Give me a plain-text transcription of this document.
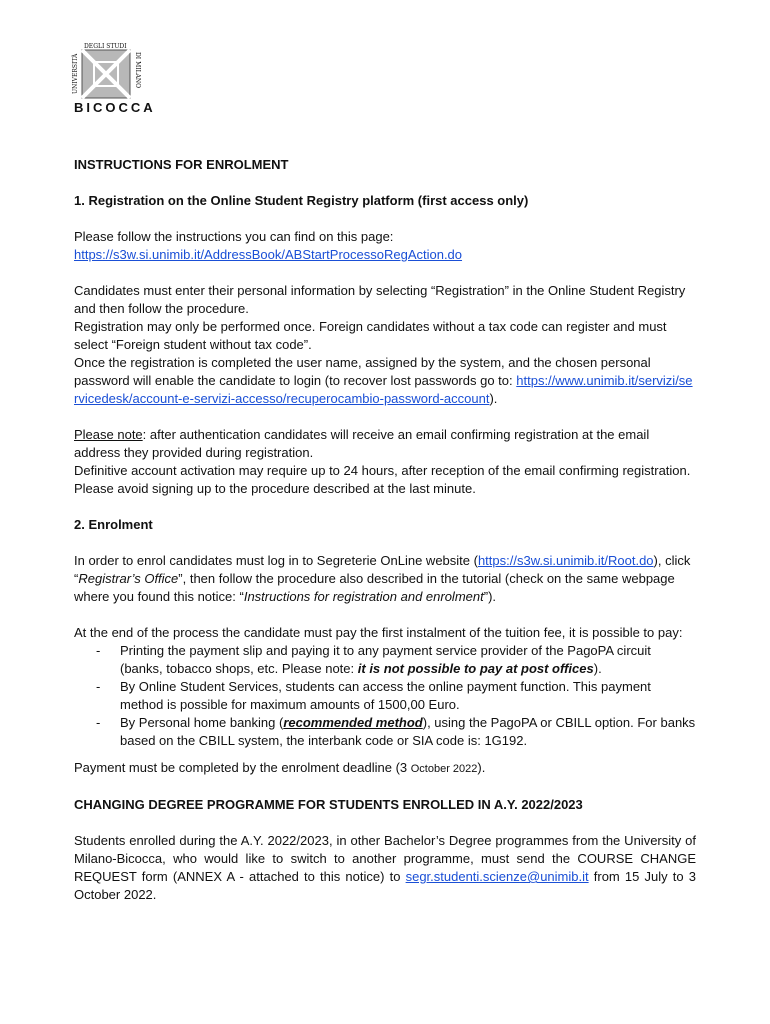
UNIVERSITÀ
DEGLI STUDI
DI MILANO
BICOCCA

INSTRUCTIONS FOR ENROLMENT

1. Registration on the Online Student Registry platform (first access only)

Please follow the instructions you can find on this page:

https://s3w.si.unimib.it/AddressBook/ABStartProcessoRegAction.do

Candidates must enter their personal information by selecting “Registration” in the Online Student Registry and then follow the procedure.

Registration may only be performed once. Foreign candidates without a tax code can register and must select “Foreign student without tax code”.

Once the registration is completed the user name, assigned by the system, and the chosen personal password will enable the candidate to login (to recover lost passwords go to: https://www.unimib.it/servizi/servicedesk/account-e-servizi-accesso/recuperocambio-password-account).

Please note: after authentication candidates will receive an email confirming registration at the email address they provided during registration.

Definitive account activation may require up to 24 hours, after reception of the email confirming registration. Please avoid signing up to the procedure described at the last minute.

2. Enrolment

In order to enrol candidates must log in to Segreterie OnLine website (https://s3w.si.unimib.it/Root.do), click “Registrar’s Office”, then follow the procedure also described in the tutorial (check on the same webpage where you found this notice: “Instructions for registration and enrolment”).

At the end of the process the candidate must pay the first instalment of the tuition fee, it is possible to pay:

- Printing the payment slip and paying it to any payment service provider of the PagoPA circuit (banks, tobacco shops, etc. Please note: it is not possible to pay at post offices).
- By Online Student Services, students can access the online payment function. This payment method is possible for maximum amounts of 1500,00 Euro.
- By Personal home banking (recommended method), using the PagoPA or CBILL option. For banks based on the CBILL system, the interbank code or SIA code is: 1G192.

Payment must be completed by the enrolment deadline (3 October 2022).

CHANGING DEGREE PROGRAMME FOR STUDENTS ENROLLED IN A.Y. 2022/2023

Students enrolled during the A.Y. 2022/2023, in other Bachelor’s Degree programmes from the University of Milano-Bicocca, who would like to switch to another programme, must send the COURSE CHANGE REQUEST form (ANNEX A - attached to this notice) to segr.studenti.scienze@unimib.it from 15 July to 3 October 2022.
